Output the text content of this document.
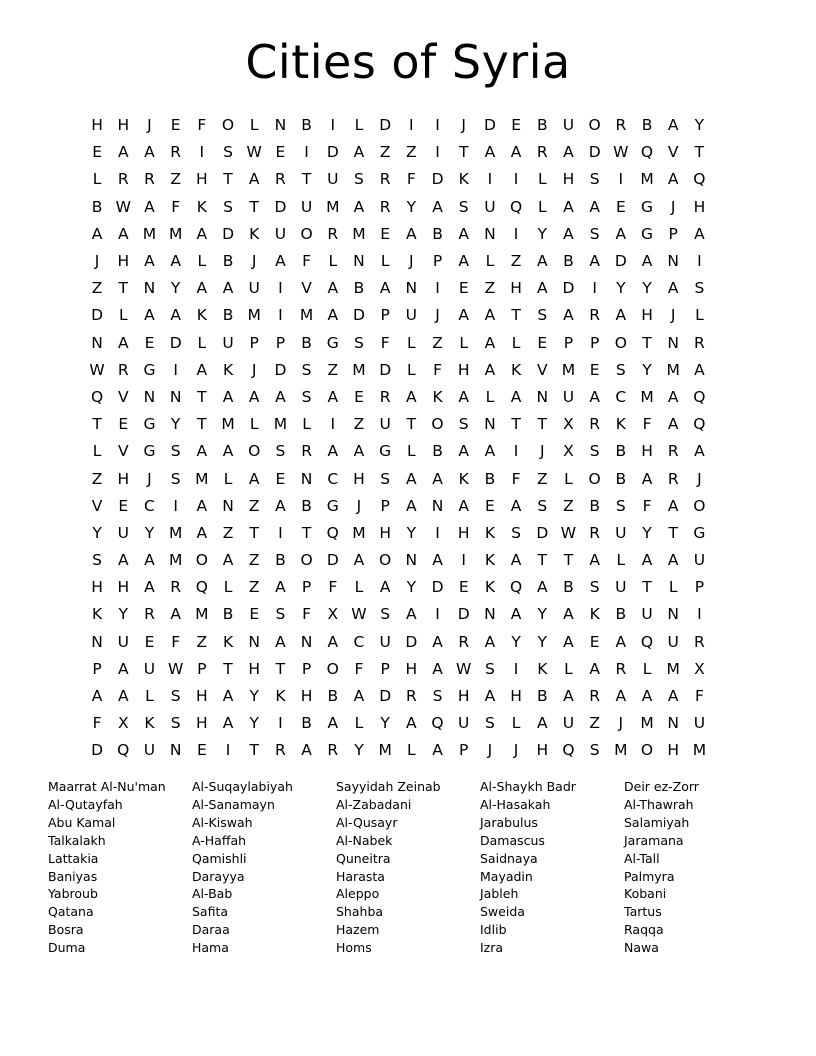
Cities of Syria
H H	J	E	F	O	L	N B	I	L	D	I	I	J	D E	B U O R B	A	Y
E	A	A	R	I	S W E	I	D A	Z	Z	I	T	A	A	R A D W Q V	T
L	R R Z H	T	A	R	T	U	S	R	F	D K	I	I	L	H S	I	M A Q
B W A	F	K	S	T D U M A	R	Y	A	S	U Q	L	A	A	E G	J	H
A	A M M A D K U O R M E	A	B	A N	I	Y	A	S	A G	P	A
J	H A	A	L	B	J	A	F	L	N	L	J	P	A	L	Z	A	B	A D A N	I
Z	T	N	Y	A	A U	I	V	A	B	A N	I	E	Z H A D	I	Y	Y	A	S
D	L	A	A	K	B M	I	M A D	P	U	J	A	A	T	S	A	R A H	J	L
N A	E D	L	U	P	P	B G S	F	L	Z	L	A	L	E	P	P O T	N R
W R G	I	A	K	J	D S	Z M D	L	F	H A	K	V M E	S	Y M A
Q V N N	T	A	A	A	S	A	E	R A	K	A	L	A N U A C M A Q
T	E G Y	T M L M L	I	Z U	T O S N	T	T	X R	K	F	A Q
L	V G S	A	A O S	R A	A G	L	B	A	A	I	J	X	S	B H R A
Z H	J	S M L	A	E N C H S	A	A	K	B	F	Z	L	O B	A	R	J
V	E	C	I	A N Z	A	B G	J	P	A N A	E	A	S	Z	B	S	F	A O
Y	U	Y M A	Z	T	I	T Q M H	Y	I	H K	S D W R U	Y	T G
S	A	A M O A	Z	B O D A O N A	I	K	A	T	T	A	L	A	A U
H H A	R Q	L	Z	A	P	F	L	A	Y D E	K Q A	B	S	U	T	L	P
K	Y	R A M B	E	S	F	X W S	A	I	D N A	Y	A	K	B U N	I
N U	E	F	Z	K N A N A C U D A	R A	Y	Y	A	E	A Q U R
P	A U W P	T	H	T	P O	F	P	H A W S	I	K	L	A	R	L M X
A	A	L	S H A	Y	K H B	A D R	S H A H B	A	R A	A	A	F
F	X	K	S H A	Y	I	B	A	L	Y	A Q U	S	L	A U Z	J	M N U
D Q U N E	I	T	R A	R	Y M L	A	P	J	J	H Q S M O H M
Maarrat Al-Nu'man
Al-Qutayfah
Abu Kamal
Talkalakh
Lattakia
Baniyas
Yabroub
Qatana
Bosra
Duma
Al-Suqaylabiyah
Al-Sanamayn
Al-Kiswah
A-Haffah
Qamishli
Darayya
Al-Bab
Safita
Daraa
Hama
Sayyidah Zeinab
Al-Zabadani
Al-Qusayr
Al-Nabek
Quneitra
Harasta
Aleppo
Shahba
Hazem
Homs
Al-Shaykh Badr
Al-Hasakah
Jarabulus
Damascus
Saidnaya
Mayadin
Jableh
Sweida
Idlib
Izra
Deir ez-Zorr
Al-Thawrah
Salamiyah
Jaramana
Al-Tall
Palmyra
Kobani
Tartus
Raqqa
Nawa
